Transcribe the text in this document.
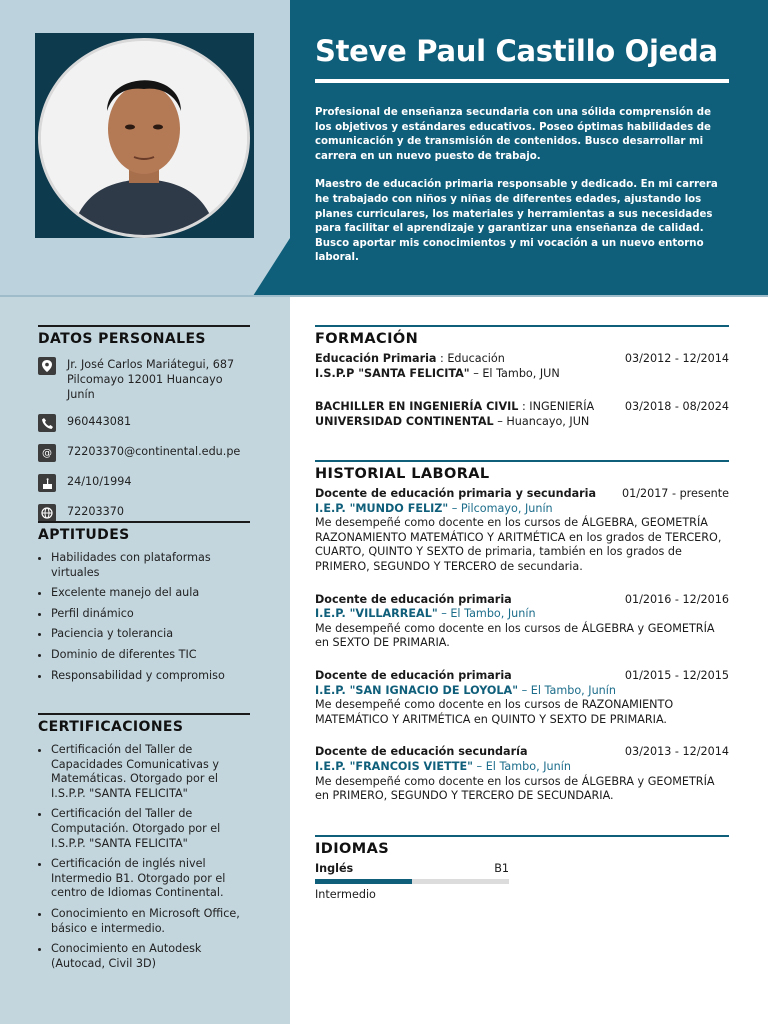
Steve Paul Castillo Ojeda

Profesional de enseñanza secundaria con una sólida comprensión de los objetivos y estándares educativos. Poseo óptimas habilidades de comunicación y de transmisión de contenidos. Busco desarrollar mi carrera en un nuevo puesto de trabajo.

Maestro de educación primaria responsable y dedicado. En mi carrera he trabajado con niños y niñas de diferentes edades, ajustando los planes curriculares, los materiales y herramientas a sus necesidades para facilitar el aprendizaje y garantizar una enseñanza de calidad. Busco aportar mis conocimientos y mi vocación a un nuevo entorno laboral.

DATOS PERSONALES
Jr. José Carlos Mariátegui, 687 Pilcomayo 12001 Huancayo Junín
960443081
@	72203370@continental.edu.pe
24/10/1994
72203370
APTITUDES
• Habilidades con plataformas virtuales
• Excelente manejo del aula
• Perfil dinámico
• Paciencia y tolerancia
• Dominio de diferentes TIC
• Responsabilidad y compromiso
CERTIFICACIONES
• Certificación del Taller de Capacidades Comunicativas y Matemáticas. Otorgado por el I.S.P.P. "SANTA FELICITA"
• Certificación del Taller de Computación. Otorgado por el I.S.P.P. "SANTA FELICITA"
• Certificación de inglés nivel Intermedio B1. Otorgado por el centro de Idiomas Continental.
• Conocimiento en Microsoft Office, básico e intermedio.
• Conocimiento en Autodesk (Autocad, Civil 3D)
FORMACIÓN
Educación Primaria : Educación	03/2012 - 12/2014
I.S.P.P "SANTA FELICITA" – El Tambo, JUN
BACHILLER EN INGENIERÍA CIVIL : INGENIERÍA	03/2018 - 08/2024
UNIVERSIDAD CONTINENTAL – Huancayo, JUN
HISTORIAL LABORAL
Docente de educación primaria y secundaria 01/2017 - presente
I.E.P. "MUNDO FELIZ" – Pilcomayo, Junín
Me desempeñé como docente en los cursos de ÁLGEBRA, GEOMETRÍA RAZONAMIENTO MATEMÁTICO Y ARITMÉTICA en los grados de TERCERO, CUARTO, QUINTO Y SEXTO de primaria, también en los grados de PRIMERO, SEGUNDO Y TERCERO de secundaria.
Docente de educación primaria	01/2016 - 12/2016
I.E.P. "VILLARREAL" – El Tambo, Junín
Me desempeñé como docente en los cursos de ÁLGEBRA y GEOMETRÍA en SEXTO DE PRIMARIA.
Docente de educación primaria	01/2015 - 12/2015
I.E.P. "SAN IGNACIO DE LOYOLA" – El Tambo, Junín
Me desempeñé como docente en los cursos de RAZONAMIENTO MATEMÁTICO Y ARITMÉTICA en QUINTO Y SEXTO DE PRIMARIA.
Docente de educación secundaría	03/2013 - 12/2014
I.E.P. "FRANCOIS VIETTE" – El Tambo, Junín
Me desempeñé como docente en los cursos de ÁLGEBRA y GEOMETRÍA en PRIMERO, SEGUNDO Y TERCERO DE SECUNDARIA.
IDIOMAS
Inglés	B1
Intermedio
